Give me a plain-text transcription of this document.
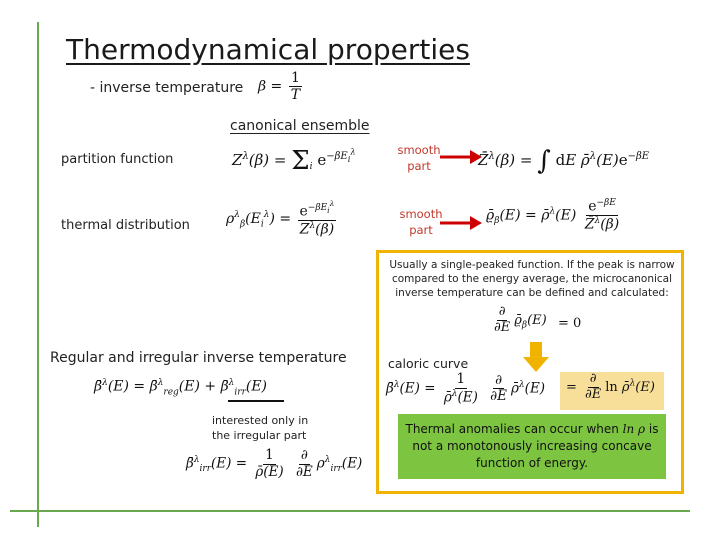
Thermodynamical properties
- inverse temperature $\beta = \frac{1}{T}$
canonical ensemble
partition function	$Z^\lambda(\beta) = \Sigma_i$ $e^{-\beta E_i^\lambda}$	smooth
part	Z̄$^\lambda$(β) = ∫ dE $\rhō^\lambda(E)e^{-\beta E}$
thermal distribution	$\rho^\lambda_\beta(E_i^\lambda) = \frac{e^{-\beta E_i^\lambda}}{Z^\lambda(\beta)}$	smooth
part
$ϱ̄_\beta(E)$ = ρ̄$^\lambda$(E) $\frac{e^{-\beta E}}{Z̄^\lambda(\beta)}$
Usually a single-peaked function. If the peak is narrow compared to the energy average, the microcanonical inverse temperature can be defined and calculated:
$\frac{\partial}{\partial E}$ $ϱ̄_\beta(E) = 0$
Regular and irregular inverse temperature
β̄$^\lambda$(E) = β̄$^\lambda_{reg}$(E) + β̄$^\lambda_{irr}$(E)
interested only in the irregular part
β̄$^\lambda_{irr}$(E) = $\frac{1}{\rhō(E)}$
$\frac{\partial}{\partial E} \rho^\lambda_{irr}(E)$
caloric curve
β̄$^\lambda$(E) = $\frac{1}{\rhō^\lambda(E)}$
$\frac{\partial}{\partial E}$ ρ̄$^\lambda$(E) = $\frac{\partial}{\partial E}$ ln ρ̄$^\lambda$(E)
Thermal anomalies can occur when ln ρ is not a monotonously increasing concave function of energy.
